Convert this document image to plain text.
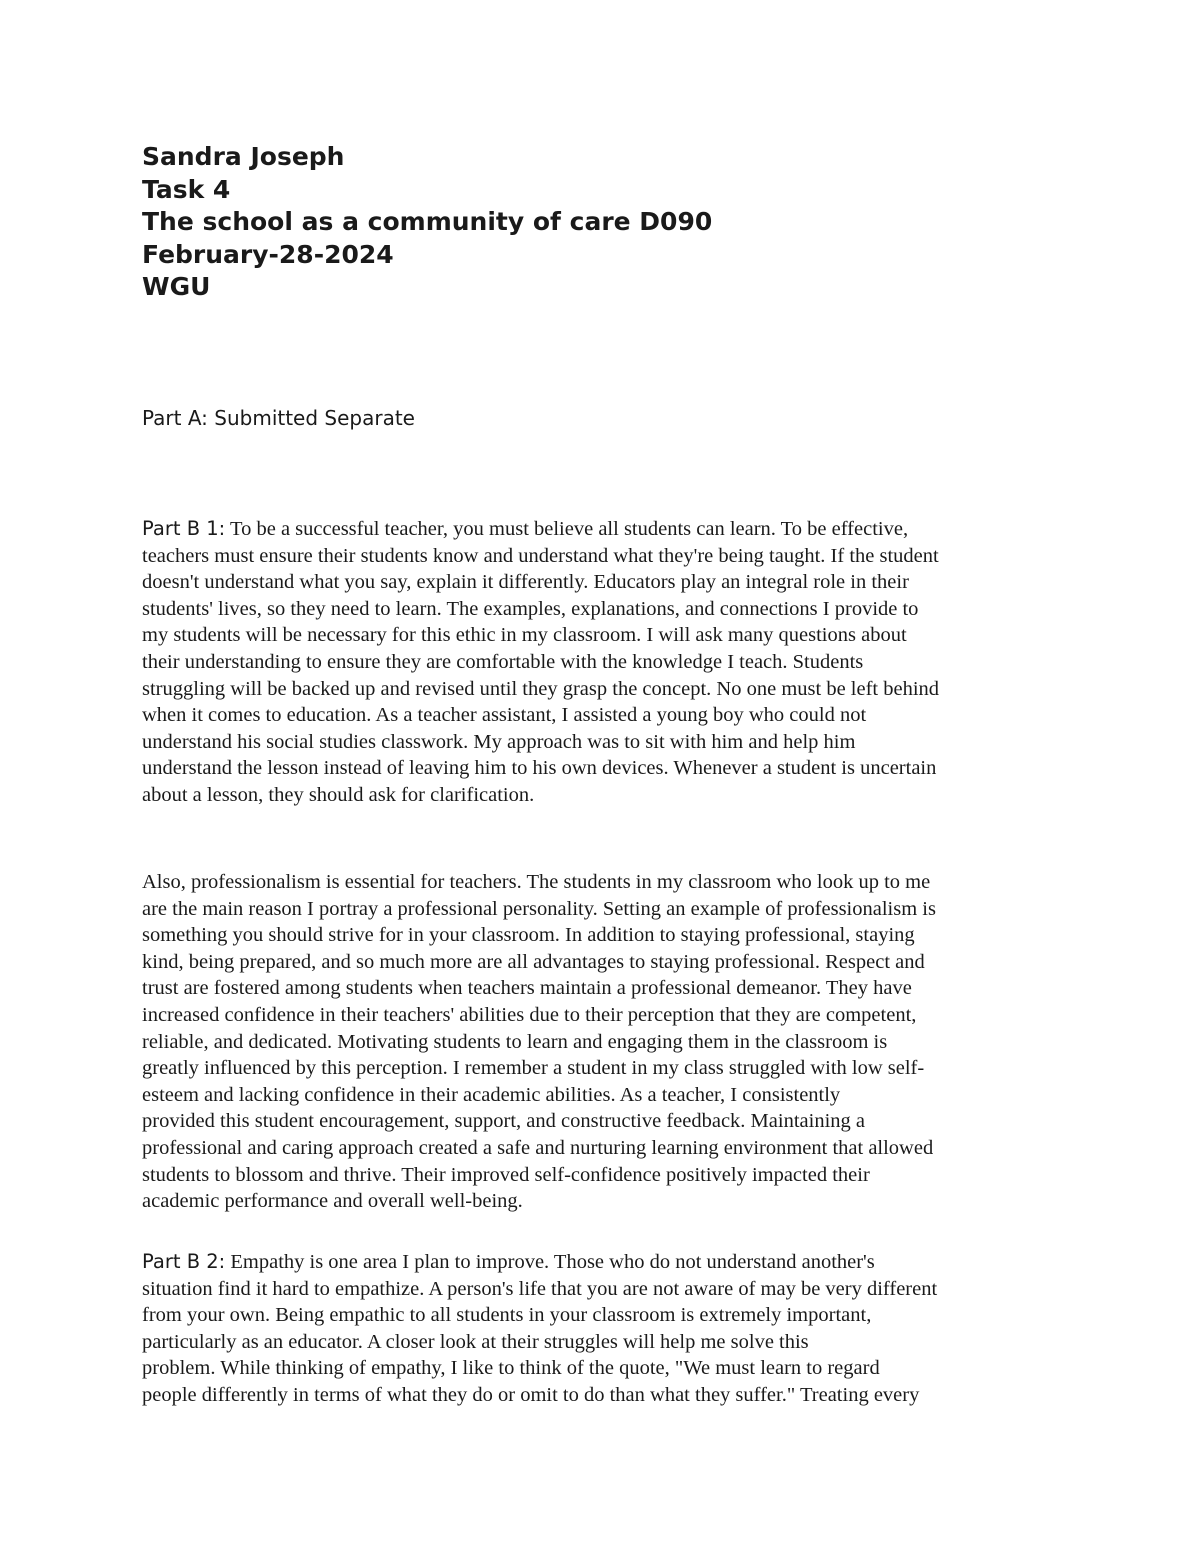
Sandra Joseph
Task 4
The school as a community of care D090
February-28-2024
WGU
Part A: Submitted Separate
Part B 1: To be a successful teacher, you must believe all students can learn. To be effective,
teachers must ensure their students know and understand what they're being taught. If the student
doesn't understand what you say, explain it differently. Educators play an integral role in their
students' lives, so they need to learn. The examples, explanations, and connections I provide to
my students will be necessary for this ethic in my classroom. I will ask many questions about
their understanding to ensure they are comfortable with the knowledge I teach. Students
struggling will be backed up and revised until they grasp the concept. No one must be left behind
when it comes to education. As a teacher assistant, I assisted a young boy who could not
understand his social studies classwork. My approach was to sit with him and help him
understand the lesson instead of leaving him to his own devices. Whenever a student is uncertain
about a lesson, they should ask for clarification.
Also, professionalism is essential for teachers. The students in my classroom who look up to me
are the main reason I portray a professional personality. Setting an example of professionalism is
something you should strive for in your classroom. In addition to staying professional, staying
kind, being prepared, and so much more are all advantages to staying professional. Respect and
trust are fostered among students when teachers maintain a professional demeanor. They have
increased confidence in their teachers' abilities due to their perception that they are competent,
reliable, and dedicated. Motivating students to learn and engaging them in the classroom is
greatly influenced by this perception. I remember a student in my class struggled with low self-
esteem and lacking confidence in their academic abilities. As a teacher, I consistently
provided this student encouragement, support, and constructive feedback. Maintaining a
professional and caring approach created a safe and nurturing learning environment that allowed
students to blossom and thrive. Their improved self-confidence positively impacted their
academic performance and overall well-being.
Part B 2: Empathy is one area I plan to improve. Those who do not understand another's
situation find it hard to empathize. A person's life that you are not aware of may be very different
from your own. Being empathic to all students in your classroom is extremely important,
particularly as an educator. A closer look at their struggles will help me solve this
problem. While thinking of empathy, I like to think of the quote, "We must learn to regard
people differently in terms of what they do or omit to do than what they suffer." Treating every
